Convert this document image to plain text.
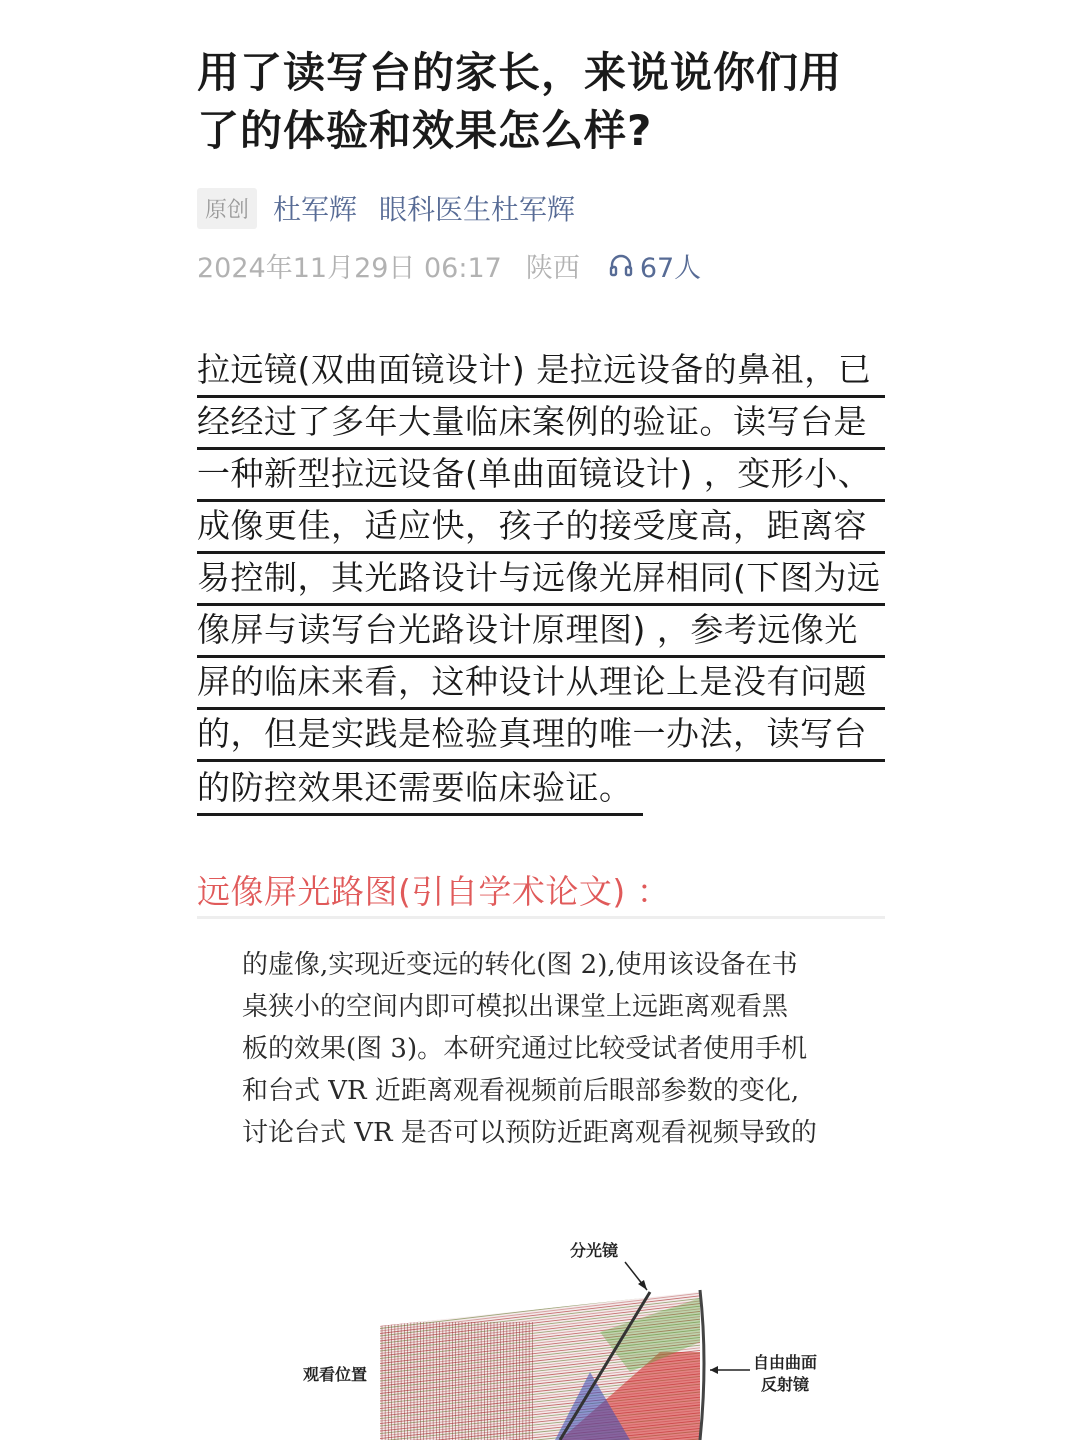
用了读写台的家长，来说说你们用
了的体验和效果怎么样?
原创 杜军辉 眼科医生杜军辉
2024年11月29日 06:17 陕西 67人
拉远镜(双曲面镜设计) 是拉远设备的鼻祖，已
经经过了多年大量临床案例的验证。读写台是
一种新型拉远设备(单曲面镜设计) ，变形小、
成像更佳，适应快，孩子的接受度高，距离容
易控制，其光路设计与远像光屏相同(下图为远
像屏与读写台光路设计原理图) ，参考远像光
屏的临床来看，这种设计从理论上是没有问题
的，但是实践是检验真理的唯一办法，读写台
的防控效果还需要临床验证。
远像屏光路图(引自学术论文) ：
的虚像,实现近变远的转化(图 2),使用该设备在书
桌狭小的空间内即可模拟出课堂上远距离观看黑
板的效果(图 3)。本研究通过比较受试者使用手机
和台式 VR 近距离观看视频前后眼部参数的变化,
讨论台式 VR 是否可以预防近距离观看视频导致的
分光镜
观看位置
自由曲面
反射镜
